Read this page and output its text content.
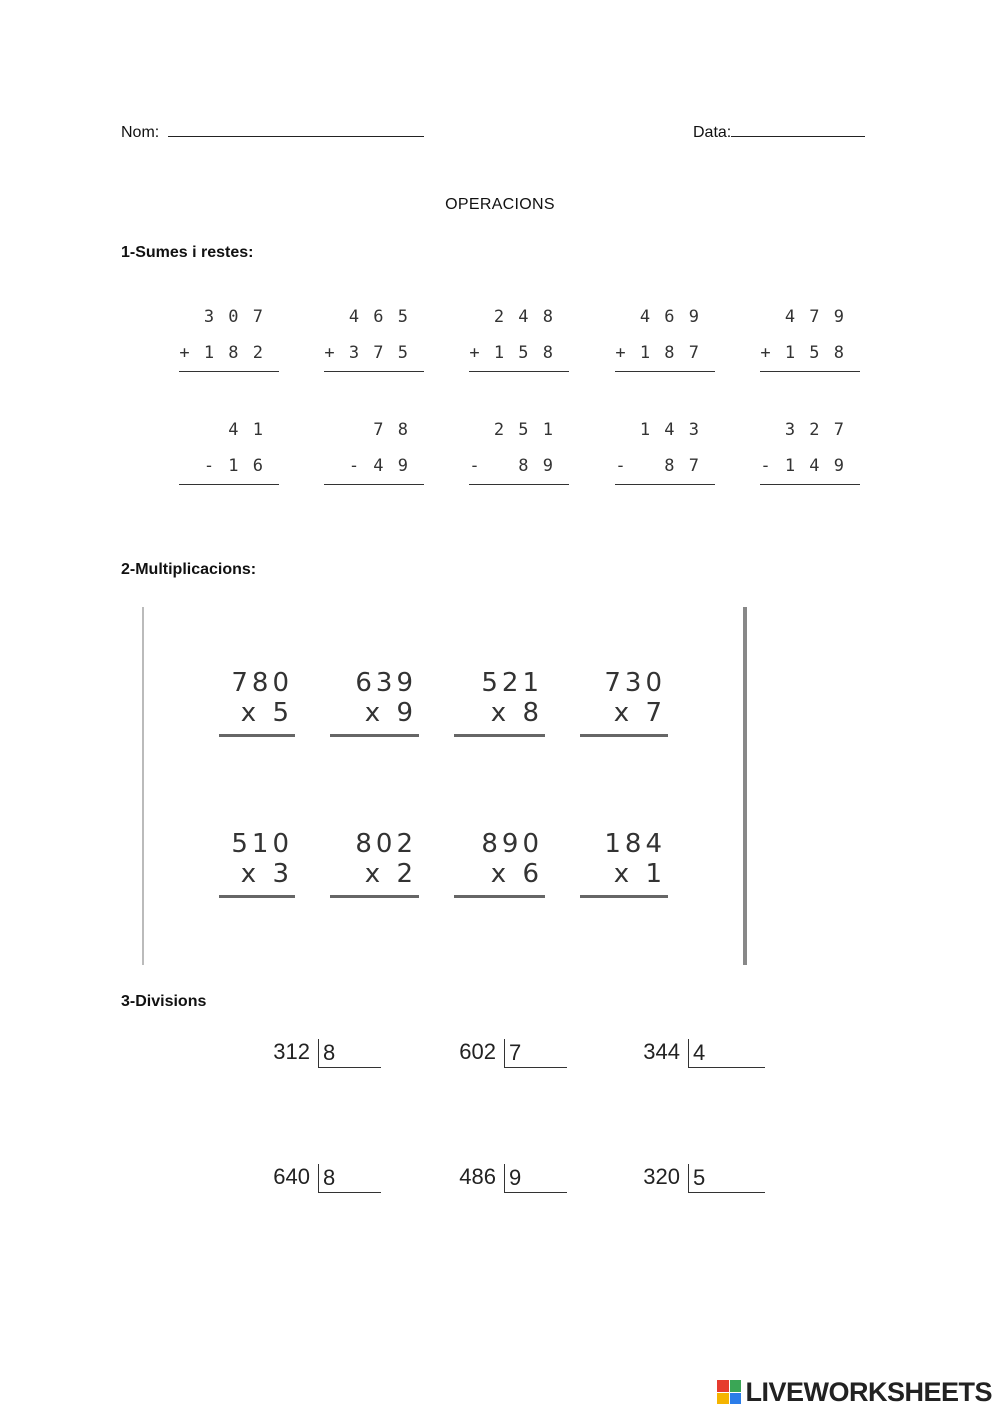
Nom:	Data:
OPERACIONS
1-Sumes i restes:
3 0 7
+ 1 8 2
4 6 5
+ 3 7 5
2 4 8
+ 1 5 8
4 6 9
+ 1 8 7
4 7 9
+ 1 5 8
4 1
- 1 6
7 8
- 4 9
2 5 1
-   8 9
1 4 3
-   8 7
3 2 7
- 1 4 9
2-Multiplicacions:
780
x 5
639
x 9
521
x 8
730
x 7
510
x 3
802
x 2
890
x 6
184
x 1
3-Divisions
312 8	602 7	344 4
640 8	486 9	320 5
LIVEWORKSHEETS
